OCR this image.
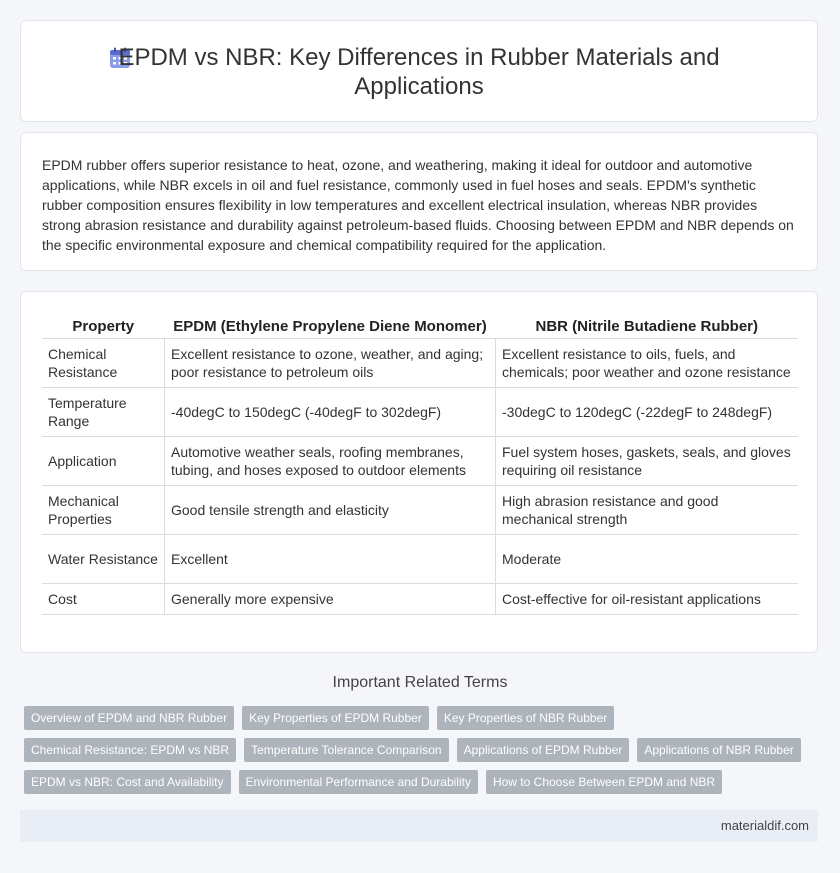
EPDM vs NBR: Key Differences in Rubber Materials and Applications
EPDM rubber offers superior resistance to heat, ozone, and weathering, making it ideal for outdoor and automotive applications, while NBR excels in oil and fuel resistance, commonly used in fuel hoses and seals. EPDM's synthetic rubber composition ensures flexibility in low temperatures and excellent electrical insulation, whereas NBR provides strong abrasion resistance and durability against petroleum-based fluids. Choosing between EPDM and NBR depends on the specific environmental exposure and chemical compatibility required for the application.
Property	EPDM (Ethylene Propylene Diene Monomer)	NBR (Nitrile Butadiene Rubber)
Chemical Resistance	Excellent resistance to ozone, weather, and aging; poor resistance to petroleum oils	Excellent resistance to oils, fuels, and chemicals; poor weather and ozone resistance
Temperature Range	-40degC to 150degC (-40degF to 302degF)	-30degC to 120degC (-22degF to 248degF)
Application	Automotive weather seals, roofing membranes, tubing, and hoses exposed to outdoor elements	Fuel system hoses, gaskets, seals, and gloves requiring oil resistance
Mechanical Properties	Good tensile strength and elasticity	High abrasion resistance and good mechanical strength
Water Resistance	Excellent	Moderate
Cost	Generally more expensive	Cost-effective for oil-resistant applications
Important Related Terms
Overview of EPDM and NBR Rubber	Key Properties of EPDM Rubber	Key Properties of NBR Rubber
Chemical Resistance: EPDM vs NBR	Temperature Tolerance Comparison	Applications of EPDM Rubber	Applications of NBR Rubber
EPDM vs NBR: Cost and Availability	Environmental Performance and Durability	How to Choose Between EPDM and NBR
materialdif.com
